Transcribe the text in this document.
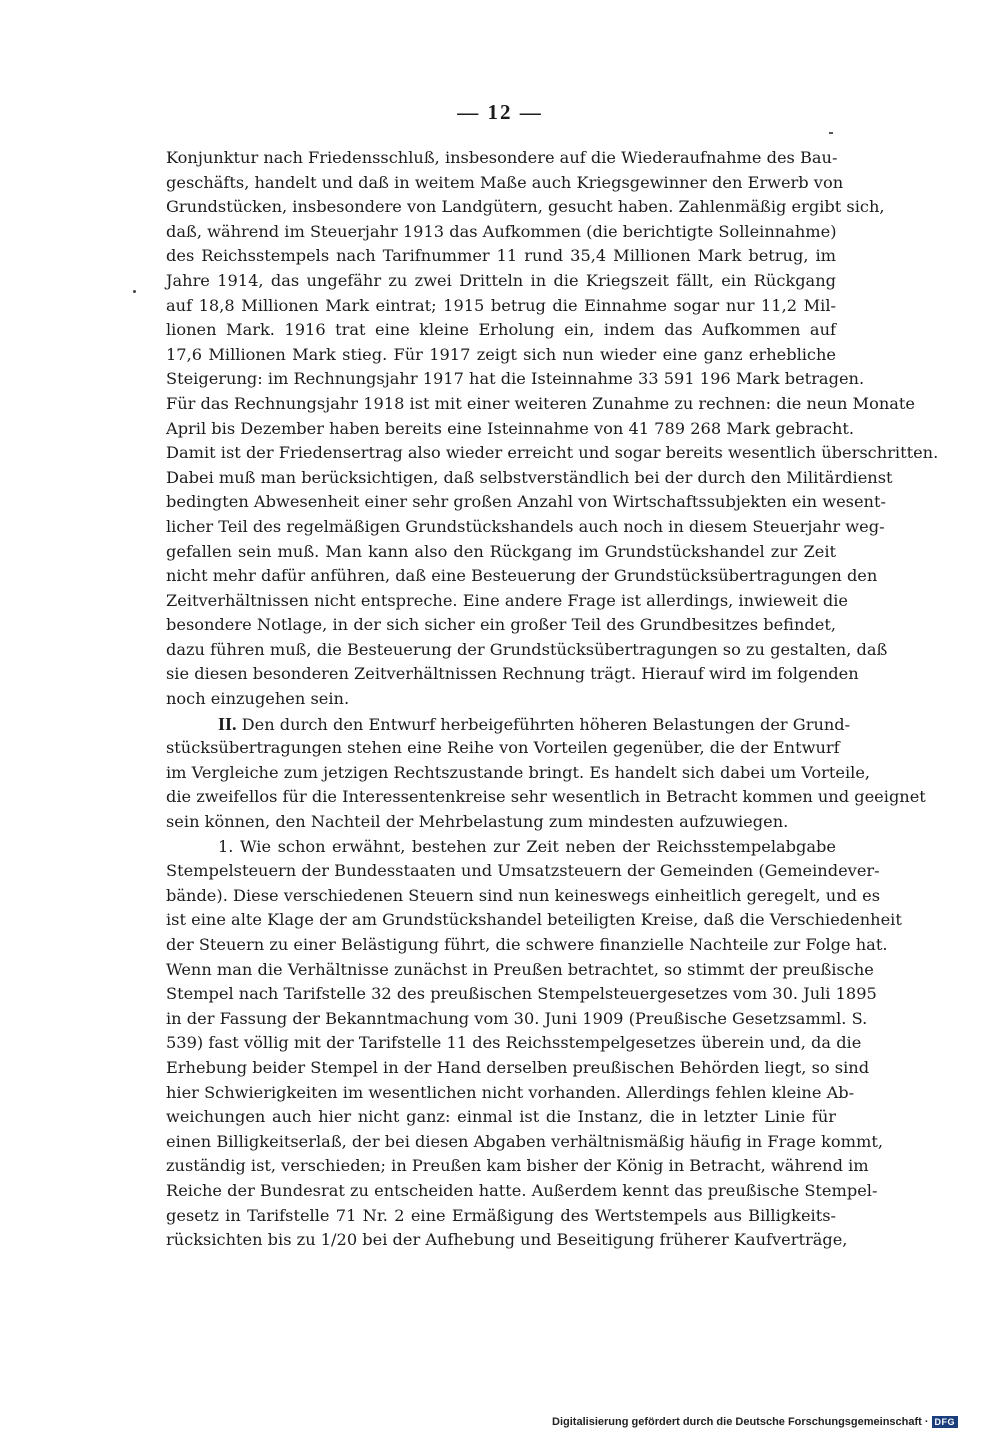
— 12 —
Konjunktur nach Friedensschluß, insbesondere auf die Wiederaufnahme des Bau-
geschäfts, handelt und daß in weitem Maße auch Kriegsgewinner den Erwerb von
Grundstücken, insbesondere von Landgütern, gesucht haben. Zahlenmäßig ergibt sich,
daß, während im Steuerjahr 1913 das Aufkommen (die berichtigte Solleinnahme)
des Reichsstempels nach Tarifnummer 11 rund 35,4 Millionen Mark betrug, im
Jahre 1914, das ungefähr zu zwei Dritteln in die Kriegszeit fällt, ein Rückgang
auf 18,8 Millionen Mark eintrat; 1915 betrug die Einnahme sogar nur 11,2 Mil-
lionen Mark. 1916 trat eine kleine Erholung ein, indem das Aufkommen auf
17,6 Millionen Mark stieg. Für 1917 zeigt sich nun wieder eine ganz erhebliche
Steigerung: im Rechnungsjahr 1917 hat die Isteinnahme 33 591 196 Mark betragen.
Für das Rechnungsjahr 1918 ist mit einer weiteren Zunahme zu rechnen: die neun Monate
April bis Dezember haben bereits eine Isteinnahme von 41 789 268 Mark gebracht.
Damit ist der Friedensertrag also wieder erreicht und sogar bereits wesentlich überschritten.
Dabei muß man berücksichtigen, daß selbstverständlich bei der durch den Militärdienst
bedingten Abwesenheit einer sehr großen Anzahl von Wirtschaftssubjekten ein wesent-
licher Teil des regelmäßigen Grundstückshandels auch noch in diesem Steuerjahr weg-
gefallen sein muß. Man kann also den Rückgang im Grundstückshandel zur Zeit
nicht mehr dafür anführen, daß eine Besteuerung der Grundstücksübertragungen den
Zeitverhältnissen nicht entspreche. Eine andere Frage ist allerdings, inwieweit die
besondere Notlage, in der sich sicher ein großer Teil des Grundbesitzes befindet,
dazu führen muß, die Besteuerung der Grundstücksübertragungen so zu gestalten, daß
sie diesen besonderen Zeitverhältnissen Rechnung trägt. Hierauf wird im folgenden
noch einzugehen sein.
II. Den durch den Entwurf herbeigeführten höheren Belastungen der Grund-
stücksübertragungen stehen eine Reihe von Vorteilen gegenüber, die der Entwurf
im Vergleiche zum jetzigen Rechtszustande bringt. Es handelt sich dabei um Vorteile,
die zweifellos für die Interessentenkreise sehr wesentlich in Betracht kommen und geeignet
sein können, den Nachteil der Mehrbelastung zum mindesten aufzuwiegen.
1. Wie schon erwähnt, bestehen zur Zeit neben der Reichsstempelabgabe
Stempelsteuern der Bundesstaaten und Umsatzsteuern der Gemeinden (Gemeindever-
bände). Diese verschiedenen Steuern sind nun keineswegs einheitlich geregelt, und es
ist eine alte Klage der am Grundstückshandel beteiligten Kreise, daß die Verschiedenheit
der Steuern zu einer Belästigung führt, die schwere finanzielle Nachteile zur Folge hat.
Wenn man die Verhältnisse zunächst in Preußen betrachtet, so stimmt der preußische
Stempel nach Tarifstelle 32 des preußischen Stempelsteuergesetzes vom 30. Juli 1895
in der Fassung der Bekanntmachung vom 30. Juni 1909 (Preußische Gesetzsamml. S.
539) fast völlig mit der Tarifstelle 11 des Reichsstempelgesetzes überein und, da die
Erhebung beider Stempel in der Hand derselben preußischen Behörden liegt, so sind
hier Schwierigkeiten im wesentlichen nicht vorhanden. Allerdings fehlen kleine Ab-
weichungen auch hier nicht ganz: einmal ist die Instanz, die in letzter Linie für
einen Billigkeitserlaß, der bei diesen Abgaben verhältnismäßig häufig in Frage kommt,
zuständig ist, verschieden; in Preußen kam bisher der König in Betracht, während im
Reiche der Bundesrat zu entscheiden hatte. Außerdem kennt das preußische Stempel-
gesetz in Tarifstelle 71 Nr. 2 eine Ermäßigung des Wertstempels aus Billigkeits-
rücksichten bis zu 1/20 bei der Aufhebung und Beseitigung früherer Kaufverträge,
Digitalisierung gefördert durch die Deutsche Forschungsgemeinschaft · DFG
